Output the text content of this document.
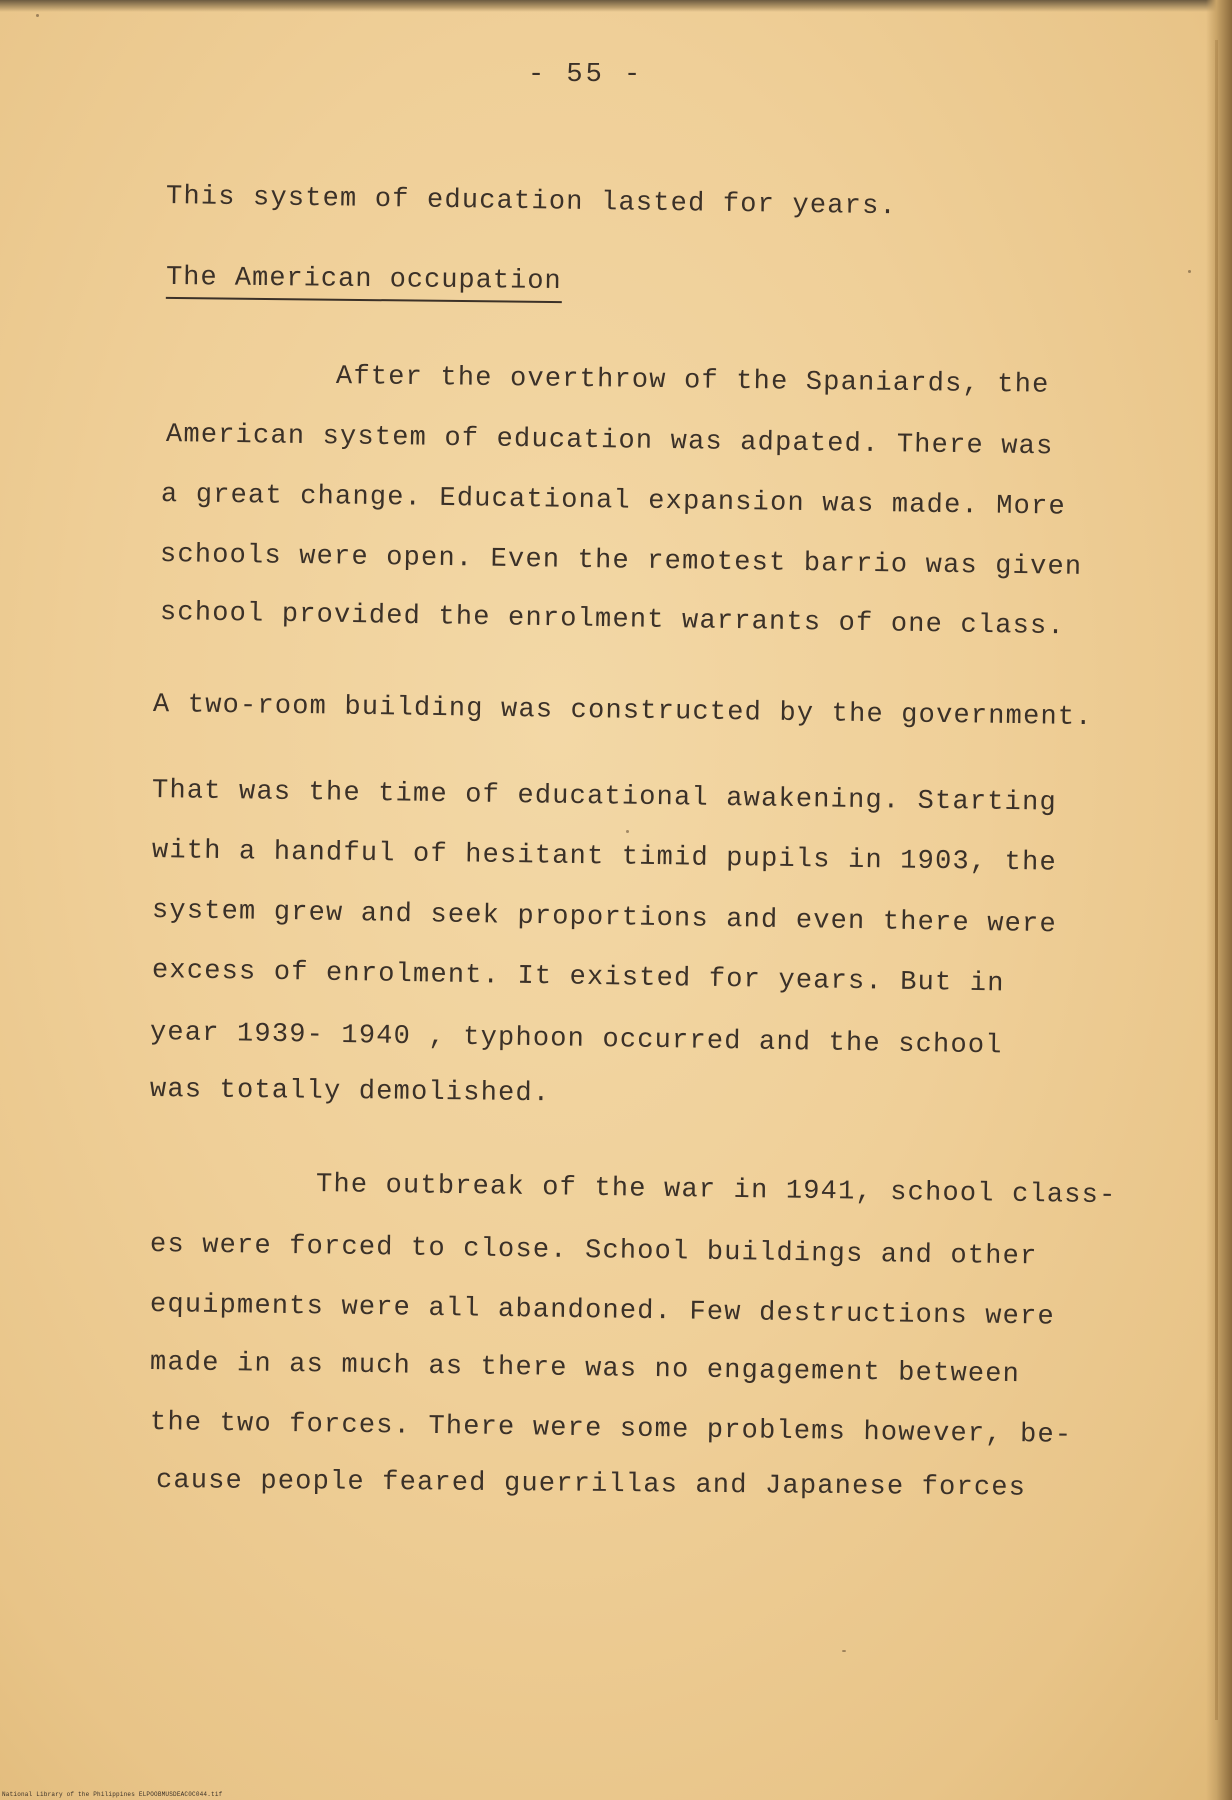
- 55 -
This system of education lasted for years.
The American occupation
After the overthrow of the Spaniards, the
American system of education was adpated. There was
a great change. Educational expansion was made. More
schools were open. Even the remotest barrio was given
school provided the enrolment warrants of one class.
A two-room building was constructed by the government.
That was the time of educational awakening. Starting
with a handful of hesitant timid pupils in 1903, the
system grew and seek proportions and even there were
excess of enrolment. It existed for years. But in
year 1939- 1940 , typhoon occurred and the school
was totally demolished.
The outbreak of the war in 1941, school class-
es were forced to close. School buildings and other
equipments were all abandoned. Few destructions were
made in as much as there was no engagement between
the two forces. There were some problems however, be-
cause people feared guerrillas and Japanese forces
National Library of the Philippines ELPOOBMUSDEAC0C044.tif
